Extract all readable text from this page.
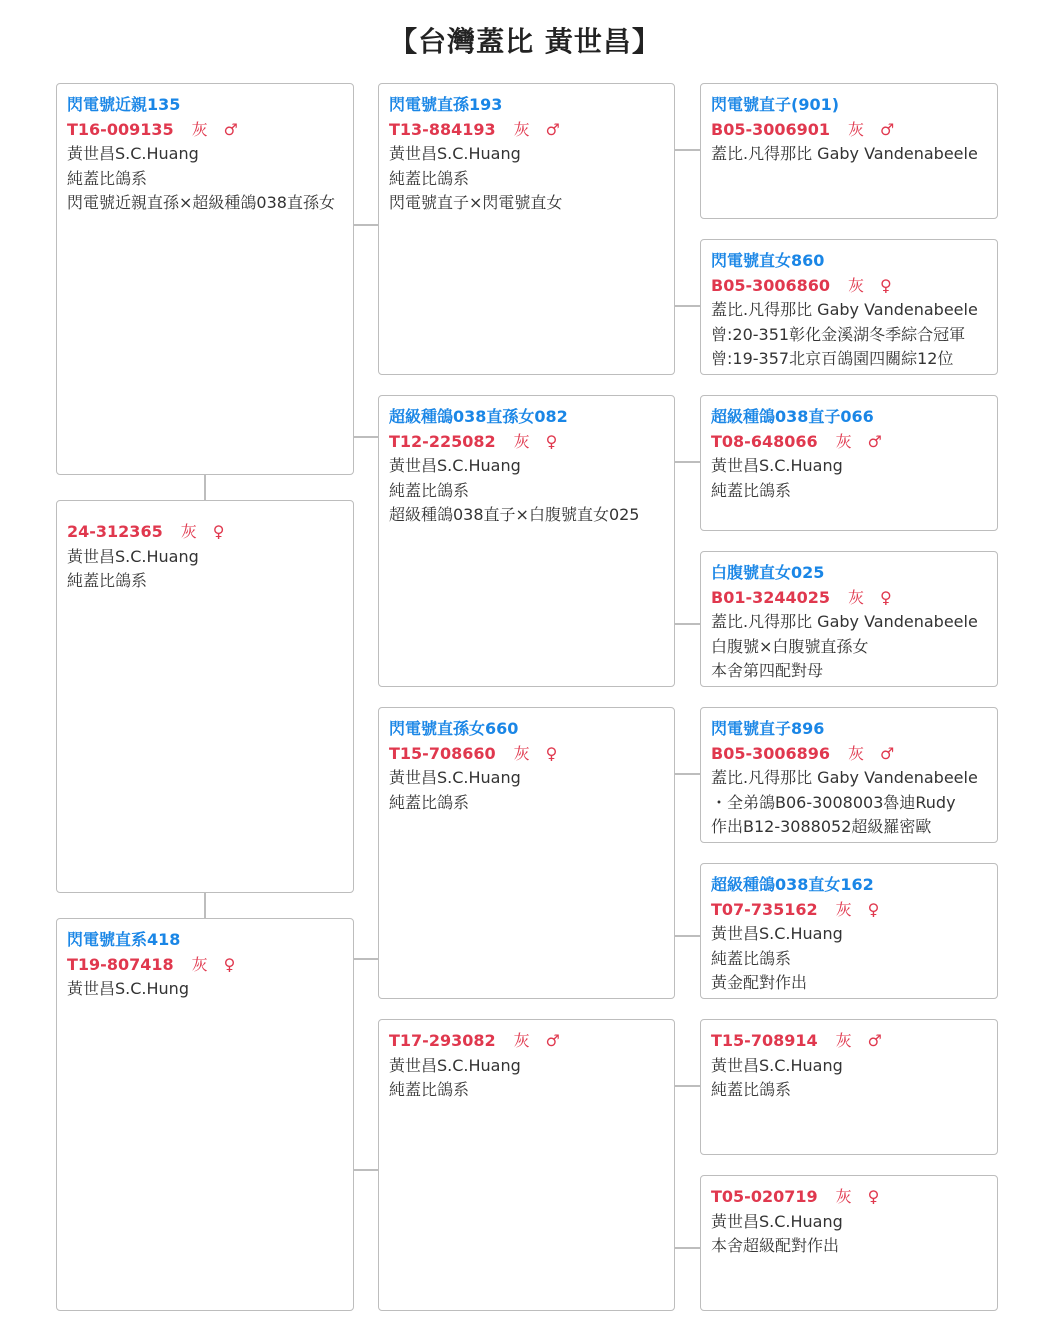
【台灣蓋比 黃世昌】
閃電號近親135
T16-009135 灰 ♂
黃世昌S.C.Huang
純蓋比鴿系
閃電號近親直孫×超級種鴿038直孫女
24-312365 灰 ♀
黃世昌S.C.Huang
純蓋比鴿系
閃電號直系418
T19-807418 灰 ♀
黃世昌S.C.Hung
閃電號直孫193
T13-884193 灰 ♂
黃世昌S.C.Huang
純蓋比鴿系
閃電號直子×閃電號直女
超級種鴿038直孫女082
T12-225082 灰 ♀
黃世昌S.C.Huang
純蓋比鴿系
超級種鴿038直子×白腹號直女025
閃電號直孫女660
T15-708660 灰 ♀
黃世昌S.C.Huang
純蓋比鴿系
T17-293082 灰 ♂
黃世昌S.C.Huang
純蓋比鴿系
閃電號直子(901)
B05-3006901 灰 ♂
蓋比.凡得那比 Gaby Vandenabeele
閃電號直女860
B05-3006860 灰 ♀
蓋比.凡得那比 Gaby Vandenabeele
曾:20-351彰化金溪湖冬季綜合冠軍
曾:19-357北京百鴿園四關綜12位
超級種鴿038直子066
T08-648066 灰 ♂
黃世昌S.C.Huang
純蓋比鴿系
白腹號直女025
B01-3244025 灰 ♀
蓋比.凡得那比 Gaby Vandenabeele
白腹號×白腹號直孫女
本舍第四配對母
閃電號直子896
B05-3006896 灰 ♂
蓋比.凡得那比 Gaby Vandenabeele
・全弟鴿B06-3008003魯迪Rudy
作出B12-3088052超級羅密歐
超級種鴿038直女162
T07-735162 灰 ♀
黃世昌S.C.Huang
純蓋比鴿系
黃金配對作出
T15-708914 灰 ♂
黃世昌S.C.Huang
純蓋比鴿系
T05-020719 灰 ♀
黃世昌S.C.Huang
本舍超級配對作出
